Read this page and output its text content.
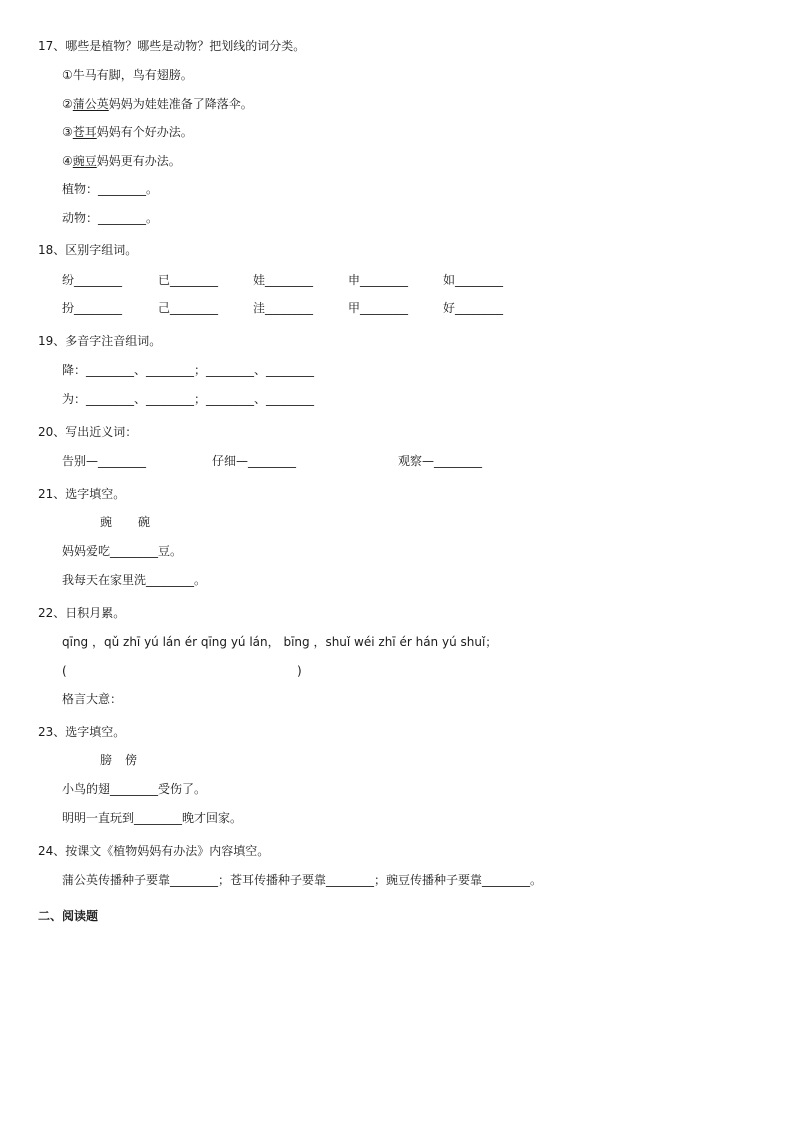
17、哪些是植物？哪些是动物？把划线的词分类。
①牛马有脚，鸟有翅膀。
②蒲公英妈妈为娃娃准备了降落伞。
③苍耳妈妈有个好办法。
④豌豆妈妈更有办法。
植物：________。
动物：________。
18、区别字组词。
纷________	已________	娃________	申________	如________
扮________	己________	洼________	甲________	好________
19、多音字注音组词。
降：________、________；________、________
为：________、________；________、________
20、写出近义词：
告别—________	仔细—________	观察—________
21、选字填空。
豌 碗
妈妈爱吃________豆。
我每天在家里洗________。
22、日积月累。
qīng ，qǔ zhī yú lán ér qīng yú lán， bīng ，shuǐ wéi zhī ér hán yú shuǐ；
(	)
格言大意：
23、选字填空。
膀 傍
小鸟的翅________受伤了。
明明一直玩到________晚才回家。
24、按课文《植物妈妈有办法》内容填空。
蒲公英传播种子要靠________；苍耳传播种子要靠________；豌豆传播种子要靠________。
二、阅读题
